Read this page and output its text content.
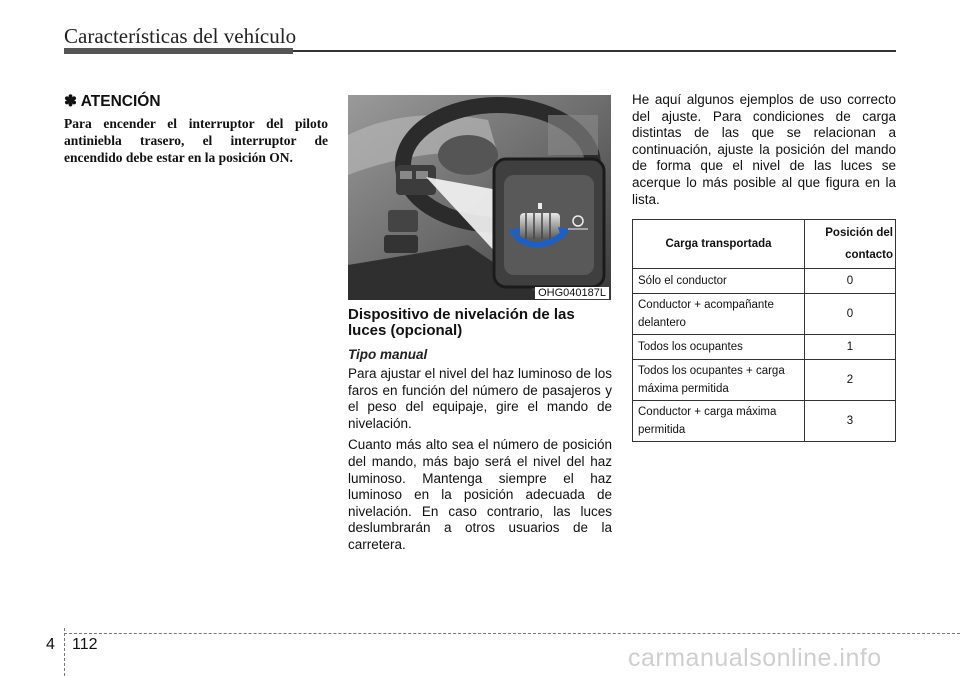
Características del vehículo

✽ ATENCIÓN

Para encender el interruptor del piloto antiniebla trasero, el interruptor de encendido debe estar en la posición ON.

OHG040187L

Dispositivo de nivelación de las luces (opcional)

Tipo manual

Para ajustar el nivel del haz luminoso de los faros en función del número de pasajeros y el peso del equipaje, gire el mando de nivelación.

Cuanto más alto sea el número de posición del mando, más bajo será el nivel del haz luminoso. Mantenga siempre el haz luminoso en la posición adecuada de nivelación. En caso contrario, las luces deslumbrarán a otros usuarios de la carretera.

He aquí algunos ejemplos de uso correcto del ajuste. Para condiciones de carga distintas de las que se relacionan a continuación, ajuste la posición del mando de forma que el nivel de las luces se acerque lo más posible al que figura en la lista.

Carga transportada	Posición del contacto
Sólo el conductor	0
Conductor + acompañante delantero	0
Todos los ocupantes	1
Todos los ocupantes + carga máxima permitida	2
Conductor + carga máxima permitida	3
4 112	carmanualsonline.info
